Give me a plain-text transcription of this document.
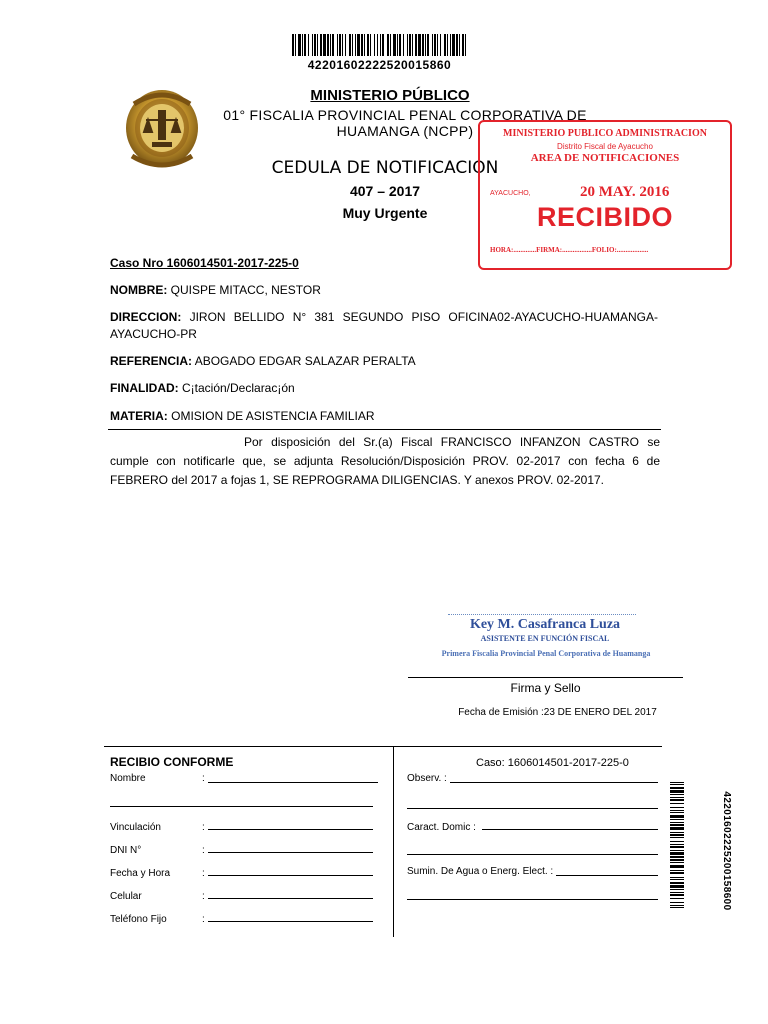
42201602222520015860
MINISTERIO PÚBLICO
01° FISCALIA PROVINCIAL PENAL CORPORATIVA DE
HUAMANGA (NCPP)
CEDULA DE NOTIFICACION
407 – 2017
Muy Urgente
MINISTERIO PUBLICO ADMINISTRACION
Distrito Fiscal de Ayacucho
AREA DE NOTIFICACIONES
AYACUCHO,	20 MAY. 2016
RECIBIDO
HORA:.............FIRMA:.................FOLIO:..................
Caso Nro 1606014501-2017-225-0
NOMBRE: QUISPE MITACC, NESTOR
DIRECCION: JIRON BELLIDO N° 381 SEGUNDO PISO OFICINA02-AYACUCHO-HUAMANGA-AYACUCHO-PR
REFERENCIA: ABOGADO EDGAR SALAZAR PERALTA
FINALIDAD: C¡tación/Declarac¡ón
MATERIA: OMISION DE ASISTENCIA FAMILIAR
Por disposición del Sr.(a) Fiscal FRANCISCO INFANZON CASTRO se cumple con notificarle que, se adjunta Resolución/Disposición PROV. 02-2017 con fecha 6 de FEBRERO del 2017 a fojas 1, SE REPROGRAMA DILIGENCIAS. Y anexos PROV. 02-2017.
Key M. Casafranca Luza
ASISTENTE EN FUNCIÓN FISCAL
Primera Fiscalia Provincial Penal Corporativa de Huamanga
Firma y Sello
Fecha de Emisión :23 DE ENERO DEL 2017
RECIBIO CONFORME	Caso: 1606014501-2017-225-0
Nombre	:
Vinculación	:
DNI N°	:
Fecha y Hora	:
Celular	:
Teléfono Fijo	:
Observ. :
Caract. Domic :
Sumin. De Agua o Energ. Elect. :	42201602225200158600
